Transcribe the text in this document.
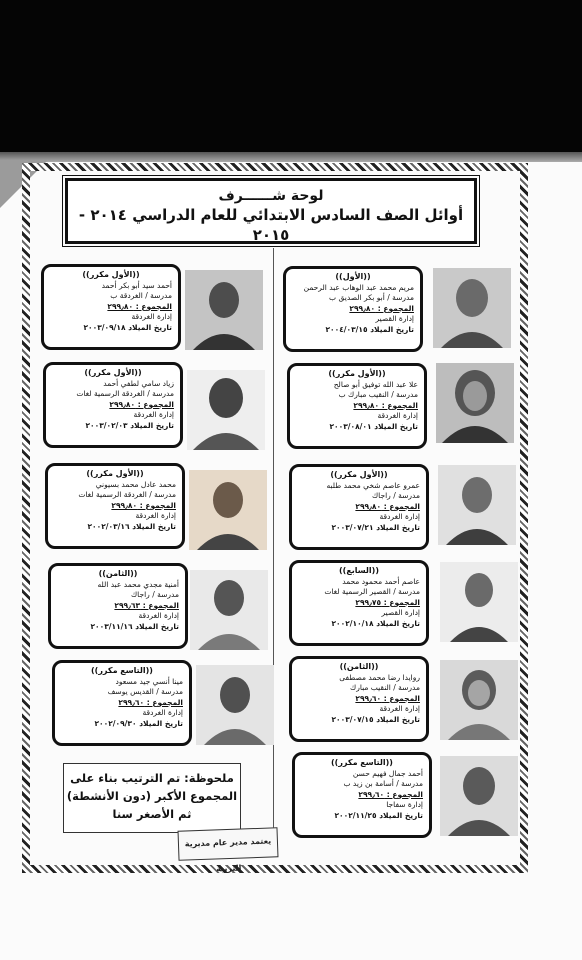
لوحة شــــــرف
أوائل الصف السادس الابتدائي للعام الدراسي ٢٠١٤ - ٢٠١٥
((الأول))
مريم محمد عبد الوهاب عبد الرحمن
مدرسة / أبو بكر الصديق ب
المجموع : ٢٩٩٫٨٠
إدارة القصير
تاريخ الميلاد ٢٠٠٤/٠٣/١٥
((الأول مكرر))
علا عبد الله توفيق أبو صالح
مدرسة / النقيب مبارك ب
المجموع : ٢٩٩٫٨٠
إدارة الغردقة
تاريخ الميلاد ٢٠٠٣/٠٨/٠١
((الأول مكرر))
عمرو عاصم شخي محمد طلبه
مدرسة / راجاك
المجموع : ٢٩٩٫٨٠
إدارة الغردقة
تاريخ الميلاد ٢٠٠٣/٠٧/٢١
((السابع))
عاصم أحمد محمود محمد
مدرسة / القصير الرسمية لغات
المجموع : ٢٩٩٫٧٥
إدارة القصير
تاريخ الميلاد ٢٠٠٢/١٠/١٨
((الثامن))
روايدا رضا محمد مصطفى
مدرسة / النقيب مبارك
المجموع : ٢٩٩٫٦٠
إدارة الغردقة
تاريخ الميلاد ٢٠٠٣/٠٧/١٥
((التاسع مكرر))
أحمد جمال فهيم حسن
مدرسة / أسامة بن زيد ب
المجموع : ٢٩٩٫٦٠
إدارة سفاجا
تاريخ الميلاد ٢٠٠٢/١١/٢٥
((الأول مكرر))
أحمد سيد أبو بكر أحمد
مدرسة / الغردقة ب
المجموع : ٢٩٩٫٨٠
إدارة الغردقة
تاريخ الميلاد ٢٠٠٣/٠٩/١٨
((الأول مكرر))
زياد سامي لطفي أحمد
مدرسة / الغردقة الرسمية لغات
المجموع : ٢٩٩٫٨٠
إدارة الغردقة
تاريخ الميلاد ٢٠٠٣/٠٢/٠٣
((الأول مكرر))
محمد عادل محمد بسيوني
مدرسة / الغردقة الرسمية لغات
المجموع : ٢٩٩٫٨٠
إدارة الغردقة
تاريخ الميلاد ٢٠٠٢/٠٣/١٦
((الثامن))
أمنية مجدي محمد عبد الله
مدرسة / راجاك
المجموع : ٢٩٩٫٦٣
إدارة الغردقة
تاريخ الميلاد ٢٠٠٣/١١/١٦
((التاسع مكرر))
مينا أنسي جيد مسعود
مدرسة / القديس يوسف
المجموع : ٢٩٩٫٦٠
إدارة الغردقة
تاريخ الميلاد ٢٠٠٢/٠٩/٣٠
ملحوظة: تم الترتيب بناء على
المجموع الأكبر (دون الأنشطة)
ثم الأصغر سنا
يعتمد مدير عام مديرية التربية
